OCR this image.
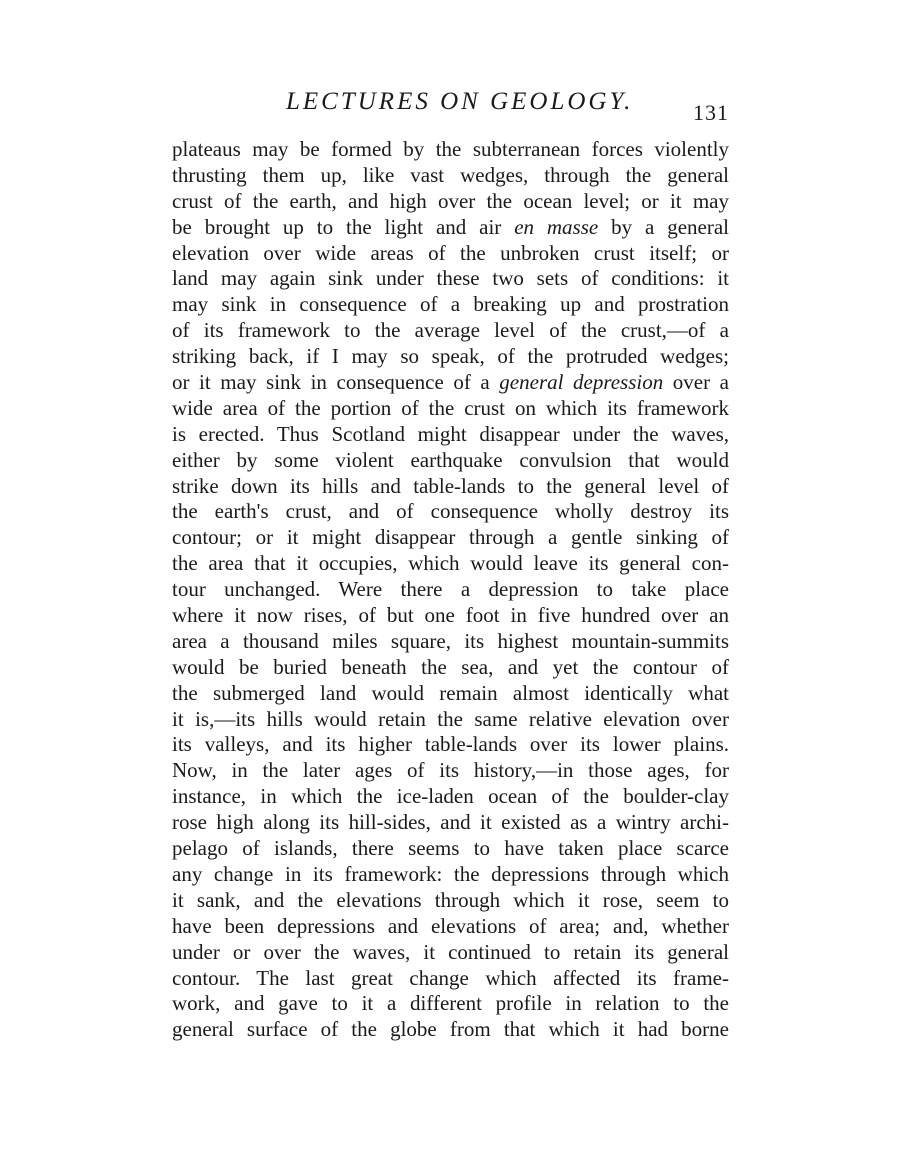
LECTURES ON GEOLOGY.	131
plateaus may be formed by the subterranean forces violently
thrusting them up, like vast wedges, through the general
crust of the earth, and high over the ocean level; or it may
be brought up to the light and air en masse by a general
elevation over wide areas of the unbroken crust itself; or
land may again sink under these two sets of conditions: it
may sink in consequence of a breaking up and prostration
of its framework to the average level of the crust,—of a
striking back, if I may so speak, of the protruded wedges;
or it may sink in consequence of a general depression over a
wide area of the portion of the crust on which its framework
is erected. Thus Scotland might disappear under the waves,
either by some violent earthquake convulsion that would
strike down its hills and table-lands to the general level of
the earth's crust, and of consequence wholly destroy its
contour; or it might disappear through a gentle sinking of
the area that it occupies, which would leave its general con-
tour unchanged. Were there a depression to take place
where it now rises, of but one foot in five hundred over an
area a thousand miles square, its highest mountain-summits
would be buried beneath the sea, and yet the contour of
the submerged land would remain almost identically what
it is,—its hills would retain the same relative elevation over
its valleys, and its higher table-lands over its lower plains.
Now, in the later ages of its history,—in those ages, for
instance, in which the ice-laden ocean of the boulder-clay
rose high along its hill-sides, and it existed as a wintry archi-
pelago of islands, there seems to have taken place scarce
any change in its framework: the depressions through which
it sank, and the elevations through which it rose, seem to
have been depressions and elevations of area; and, whether
under or over the waves, it continued to retain its general
contour. The last great change which affected its frame-
work, and gave to it a different profile in relation to the
general surface of the globe from that which it had borne
